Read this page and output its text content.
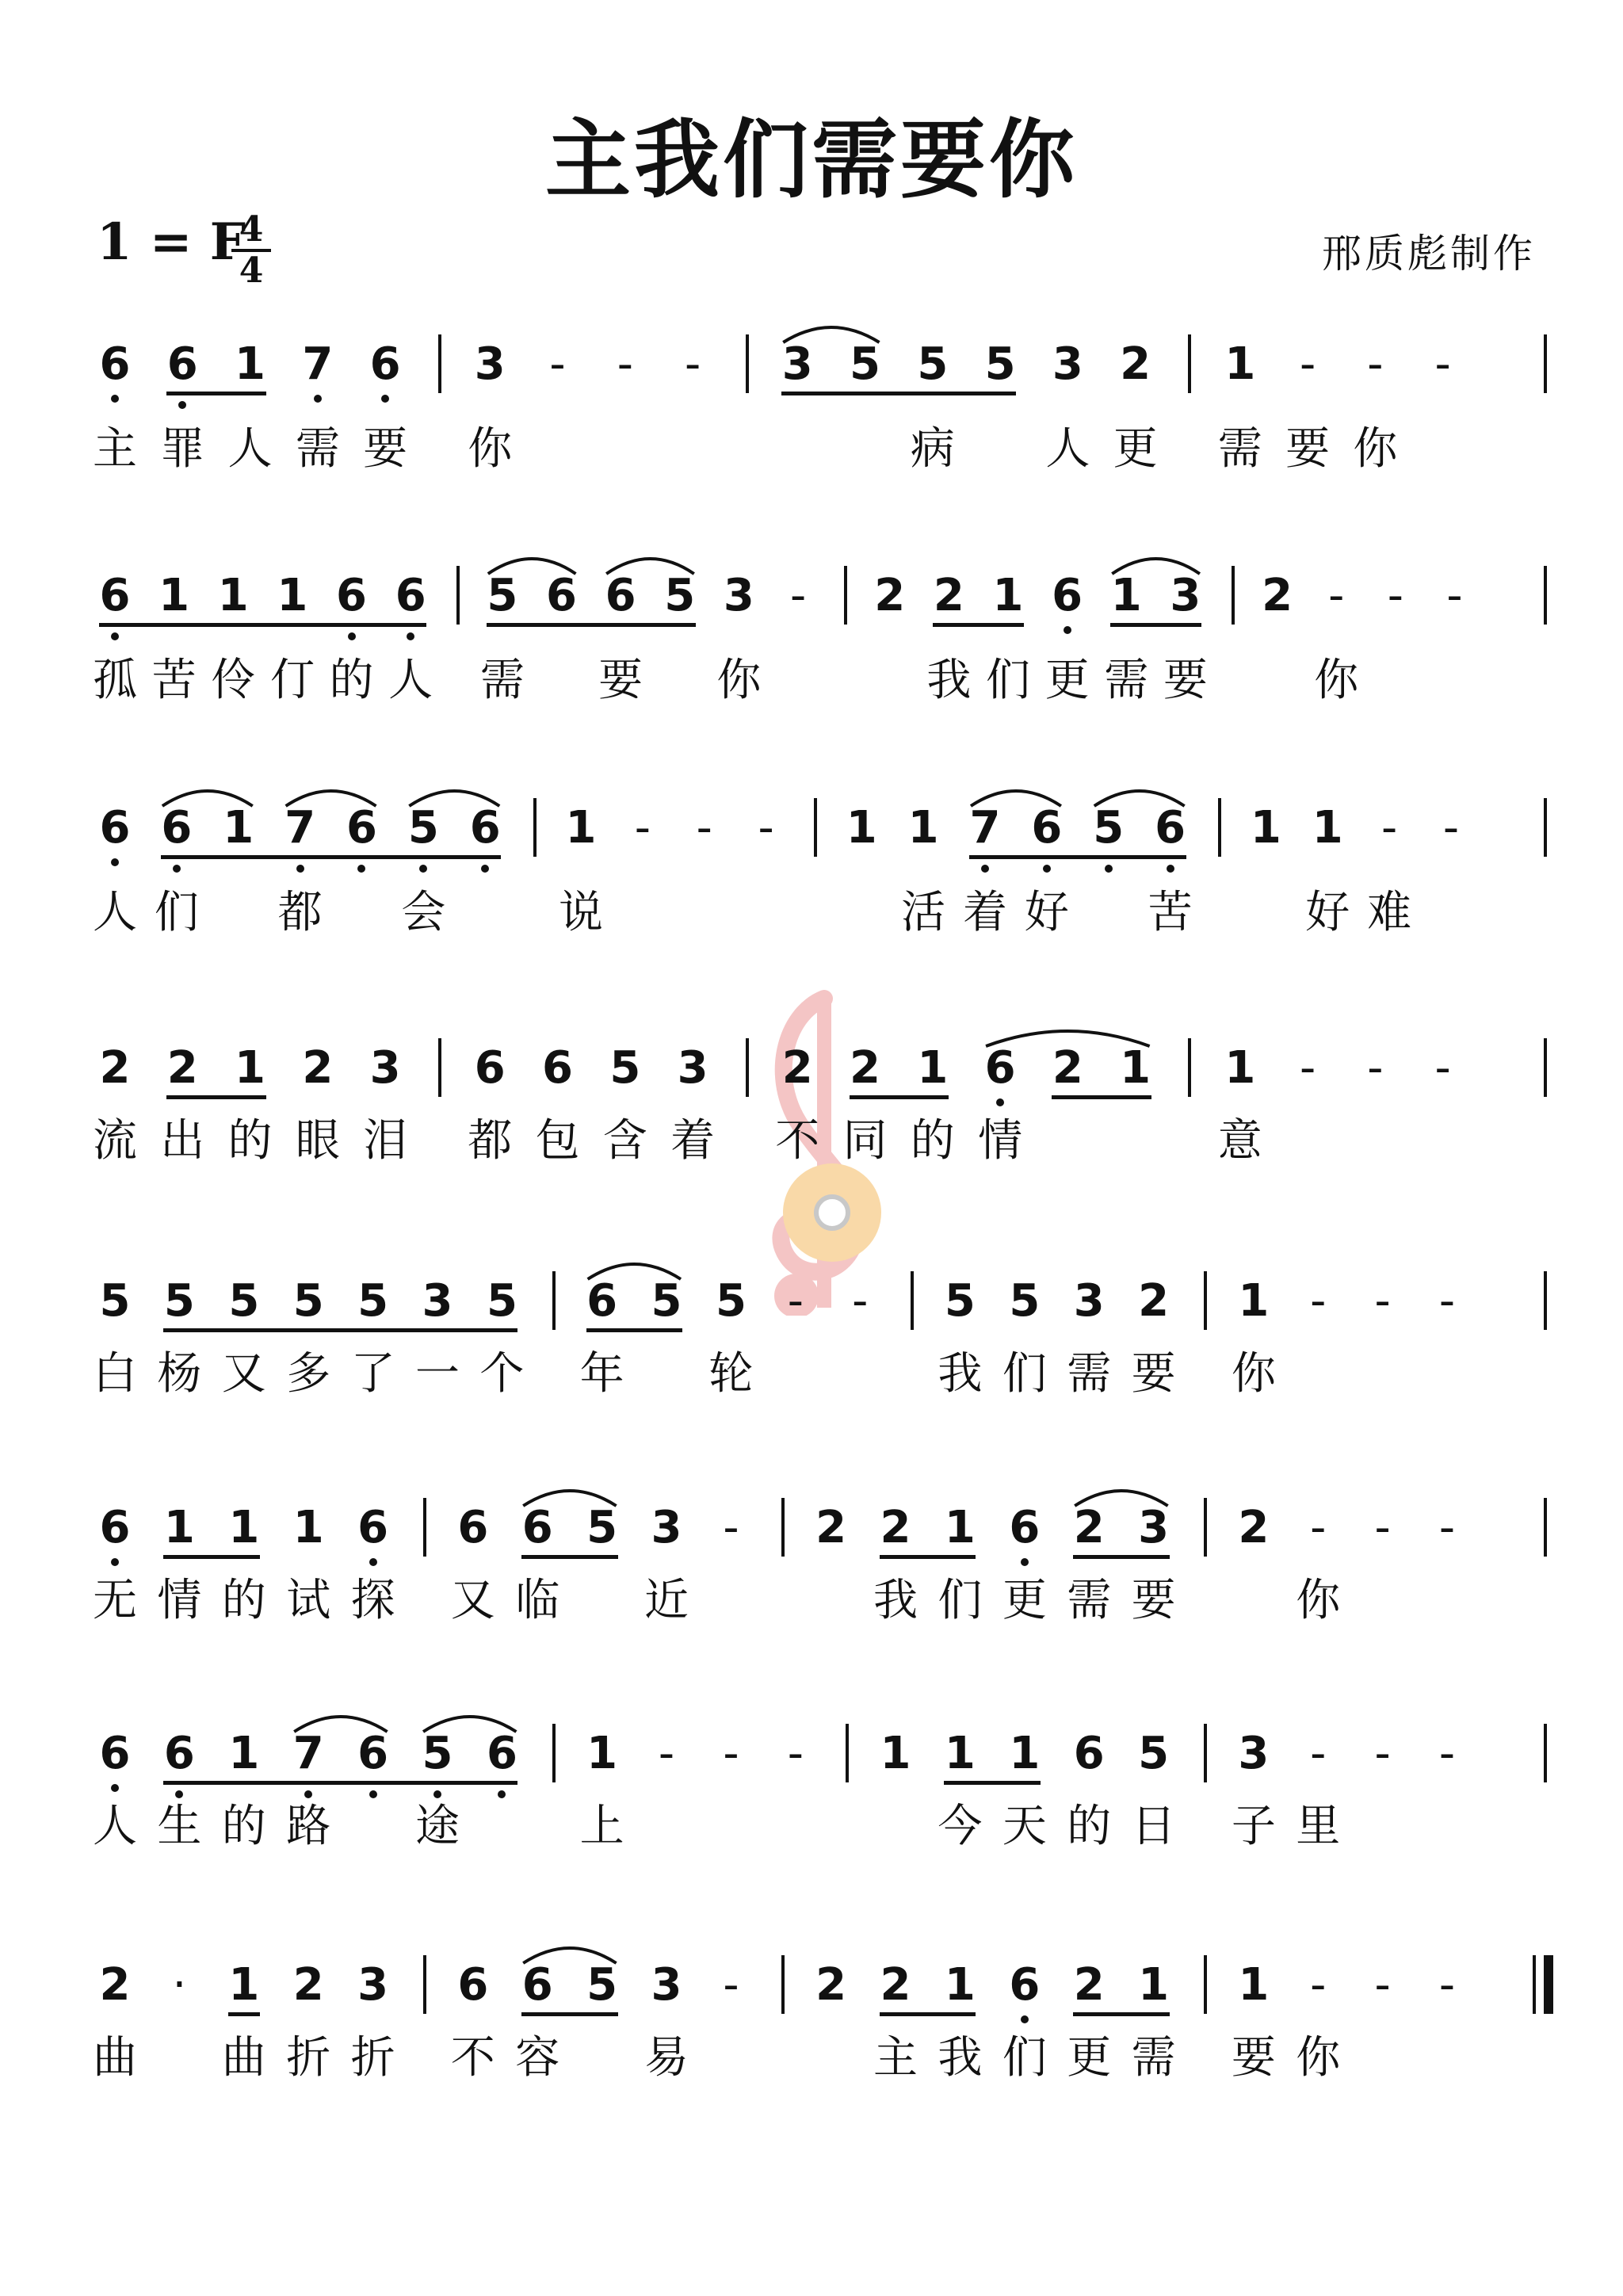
主我们需要你
1 = F
$\frac{4}{4}$	邢质彪制作
6 6 1 7 6 3 -	-	-	3 5 5 5 3 2 1 -	-	-
主 罪 人 需 要 你	病 人 更 需 要 你
6 1 1 1 6 6 5 6 6 5 3 -	2 2 1 6 1 3 2 - - -
孤 苦 伶 仃 的 人 需 要 你	我 们 更 需 要 你
6 6 1 7 6 5 6 1 -	-	-	1 1 7 6 5 6 1 1 -	-
人 们 都 会	说	活 着 好 苦	好 难
2 2 1 2 3 6 6 5 3 2 2 1 6 2 1 1 -	-	-
流 出 的 眼 泪 都 包 含 着 不 同 的 情	意
5 5 5 5 5 3 5 6 5 5 -	-	5 5 3 2 1 -	-	-
白 杨 又 多 了 一 个 年 轮	我 们 需 要 你
6 1 1 1 6 6 6 5 3 -	2 2 1 6 2 3 2 -	-	-
无 情 的 试 探 又 临 近	我 们 更 需 要	你
6 6 1 7 6 5 6 1 -	-	-	1 1 1 6 5 3 -	-	-
人 生 的 路 途	上	今 天 的 日 子 里
2 · 1 2 3 6 6 5 3 -	2 2 1 6 2 1 1 -	-	-
曲 曲 折 折 不 容 易	主 我 们 更 需 要 你
